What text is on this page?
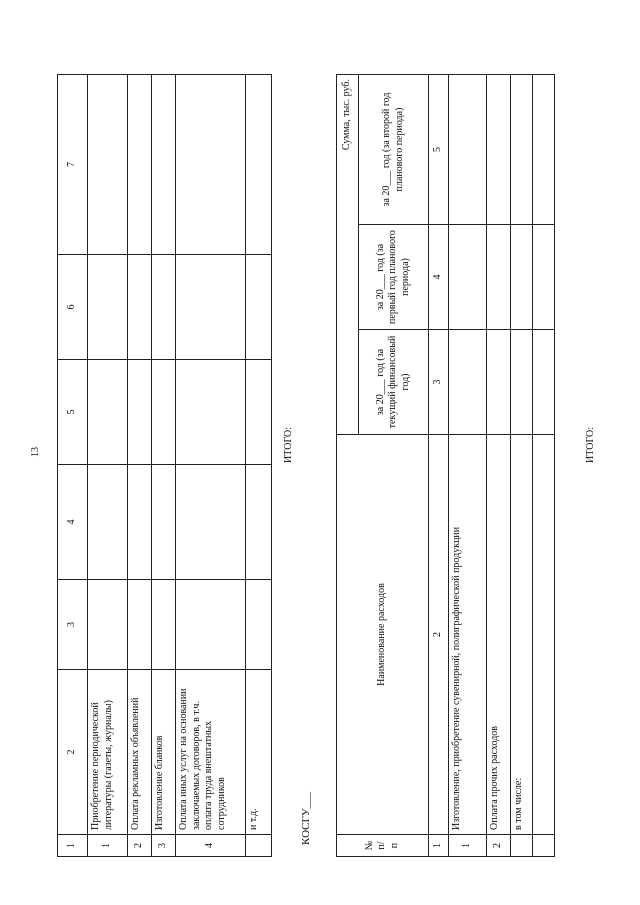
13
1	2	3	4	5	6	7
1	Приобретение периодической литературы (газеты, журналы)					
2	Оплата рекламных объявлений					
3	Изготовление бланков					
4	Оплата иных услуг на основании заключаемых договоров, в т.ч. оплата труда внештатных сотрудников					
	и т.д.					
ИТОГО:
КОСГУ___
№ п/п	Наименование расходов	Сумма, тыс. руб.		
		за 20___ год (за текущий финансовый год)	за 20___ год (за первый год планового периода)	за 20___ год (за второй год планового периода)
1	2	3	4	5
1	Изготовление, приобретение сувенирной, полиграфической продукции			
2	Оплата прочих расходов			
	в том числе:			

ИТОГО:
